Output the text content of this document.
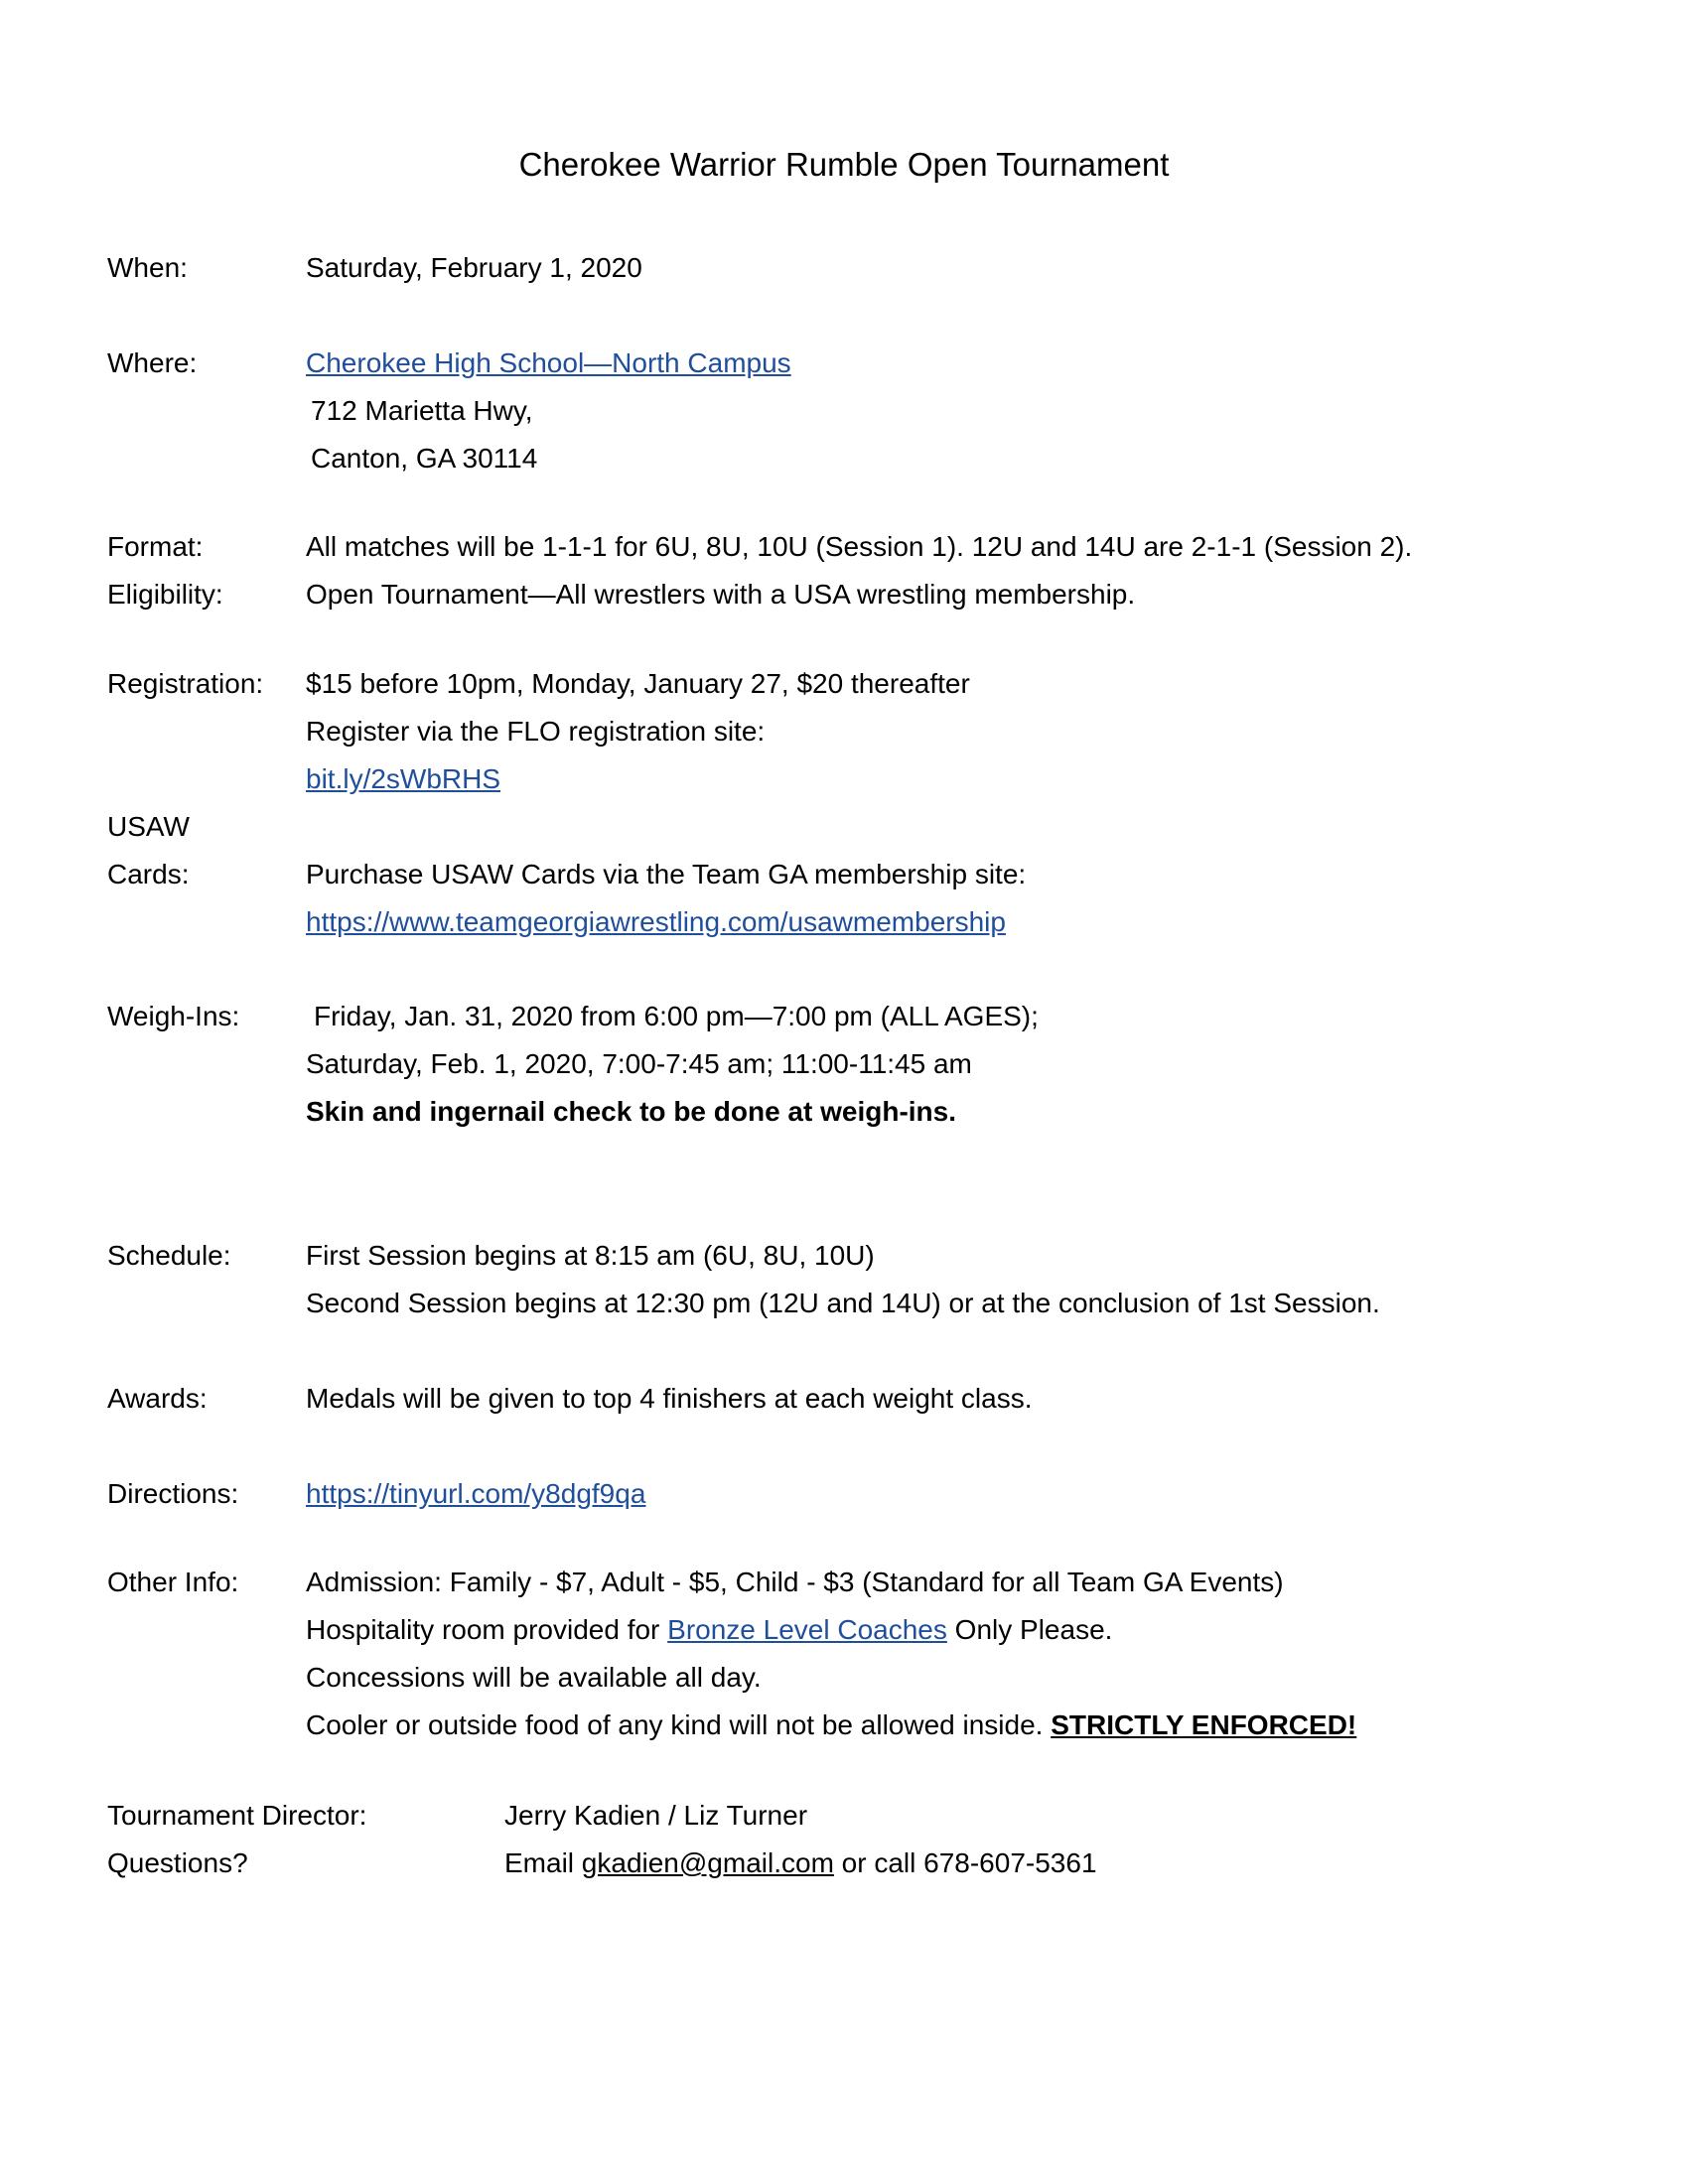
Cherokee Warrior Rumble Open Tournament
When:	Saturday, February 1, 2020
Where:	Cherokee High School—North Campus
712 Marietta Hwy,
Canton, GA 30114
Format:	All matches will be 1-1-1 for 6U, 8U, 10U (Session 1). 12U and 14U are 2-1-1 (Session 2).
Eligibility:	Open Tournament—All wrestlers with a USA wrestling membership.
Registration: $15 before 10pm, Monday, January 27, $20 thereafter
Register via the FLO registration site:
bit.ly/2sWbRHS
USAW
Cards:	Purchase USAW Cards via the Team GA membership site:
https://www.teamgeorgiawrestling.com/usawmembership
Weigh-Ins:	Friday, Jan. 31, 2020 from 6:00 pm—7:00 pm (ALL AGES);
Saturday, Feb. 1, 2020, 7:00-7:45 am; 11:00-11:45 am
Skin and ingernail check to be done at weigh-ins.
Schedule:	First Session begins at 8:15 am (6U, 8U, 10U)
Second Session begins at 12:30 pm (12U and 14U) or at the conclusion of 1st Session.
Awards:	Medals will be given to top 4 finishers at each weight class.
Directions: https://tinyurl.com/y8dgf9qa
Other Info: Admission: Family - $7, Adult - $5, Child - $3 (Standard for all Team GA Events)
Hospitality room provided for Bronze Level Coaches Only Please.
Concessions will be available all day.
Cooler or outside food of any kind will not be allowed inside. STRICTLY ENFORCED!
Tournament Director:	Jerry Kadien / Liz Turner
Questions?	Email gkadien@gmail.com or call 678-607-5361
